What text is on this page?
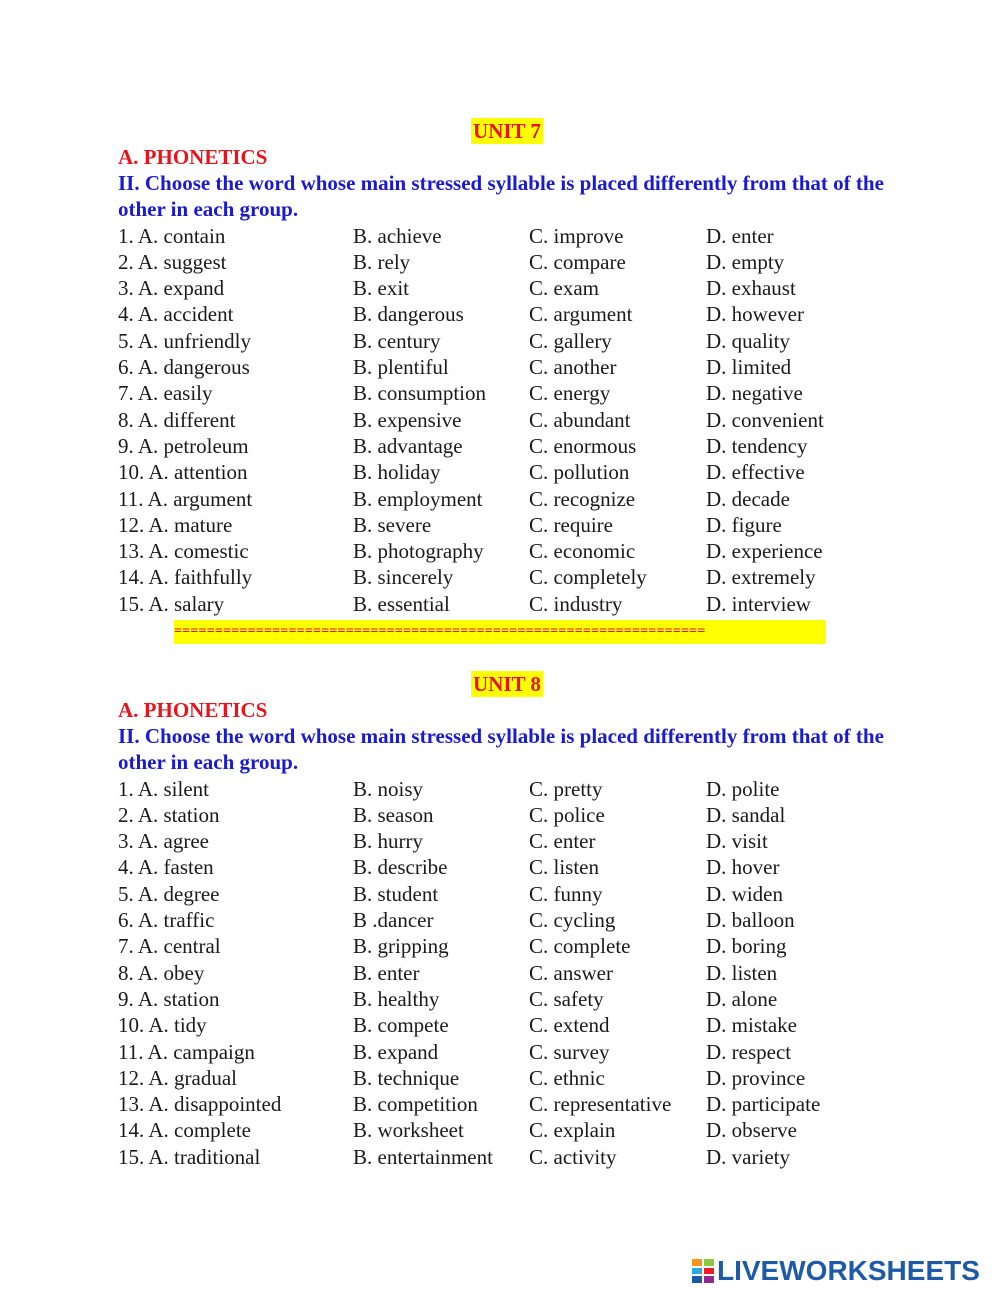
UNIT 7
A. PHONETICS
II. Choose the word whose main stressed syllable is placed differently from that of the other in each group.
1. A. contain	B. achieve	C. improve	D. enter
2. A. suggest	B. rely	C. compare	D. empty
3. A. expand	B. exit	C. exam	D. exhaust
4. A. accident	B. dangerous	C. argument	D. however
5. A. unfriendly	B. century	C. gallery	D. quality
6. A. dangerous	B. plentiful	C. another	D. limited
7. A. easily	B. consumption	C. energy	D. negative
8. A. different	B. expensive	C. abundant	D. convenient
9. A. petroleum	B. advantage	C. enormous	D. tendency
10. A. attention	B. holiday	C. pollution	D. effective
11. A. argument	B. employment	C. recognize	D. decade
12. A. mature	B. severe	C. require	D. figure
13. A. comestic	B. photography	C. economic	D. experience
14. A. faithfully	B. sincerely	C. completely	D. extremely
15. A. salary	B. essential	C. industry	D. interview
=================================================================
UNIT 8
A. PHONETICS
II. Choose the word whose main stressed syllable is placed differently from that of the other in each group.
1. A. silent	B. noisy	C. pretty	D. polite
2. A. station	B. season	C. police	D. sandal
3. A. agree	B. hurry	C. enter	D. visit
4. A. fasten	B. describe	C. listen	D. hover
5. A. degree	B. student	C. funny	D. widen
6. A. traffic	B .dancer	C. cycling	D. balloon
7. A. central	B. gripping	C. complete	D. boring
8. A. obey	B. enter	C. answer	D. listen
9. A. station	B. healthy	C. safety	D. alone
10. A. tidy	B. compete	C. extend	D. mistake
11. A. campaign	B. expand	C. survey	D. respect
12. A. gradual	B. technique	C. ethnic	D. province
13. A. disappointed	B. competition	C. representative	D. participate
14. A. complete	B. worksheet	C. explain	D. observe
15. A. traditional	B. entertainment	C. activity	D. variety
LIVEWORKSHEETS
